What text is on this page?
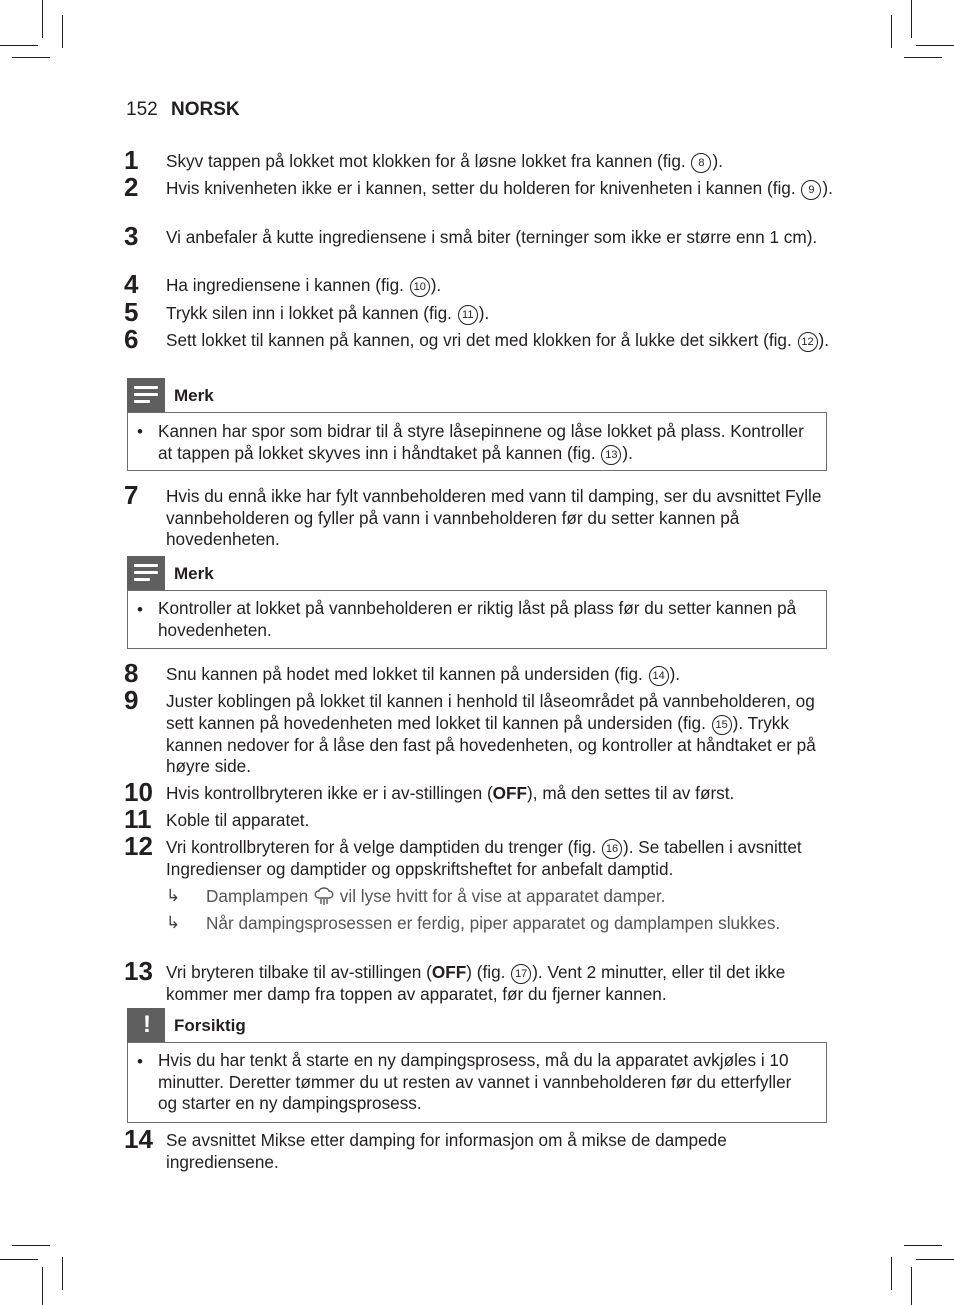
152 NORSK
1 Skyv tappen på lokket mot klokken for å løsne lokket fra kannen (fig. 8 ).
2 Hvis knivenheten ikke er i kannen, setter du holderen for knivenheten i kannen (fig. 9 ).
3 Vi anbefaler å kutte ingrediensene i små biter (terninger som ikke er større enn 1 cm).
4 Ha ingrediensene i kannen (fig. 10 ).
5 Trykk silen inn i lokket på kannen (fig. 11 ).
6 Sett lokket til kannen på kannen, og vri det med klokken for å lukke det sikkert (fig. 12 ).
Merk
• Kannen har spor som bidrar til å styre låsepinnene og låse lokket på plass. Kontroller at tappen på lokket skyves inn i håndtaket på kannen (fig. 13 ).
7 Hvis du ennå ikke har fylt vannbeholderen med vann til damping, ser du avsnittet Fylle vannbeholderen og fyller på vann i vannbeholderen før du setter kannen på hovedenheten.
Merk
• Kontroller at lokket på vannbeholderen er riktig låst på plass før du setter kannen på hovedenheten.
8 Snu kannen på hodet med lokket til kannen på undersiden (fig. 14 ).
9 Juster koblingen på lokket til kannen i henhold til låseområdet på vannbeholderen, og sett kannen på hovedenheten med lokket til kannen på undersiden (fig. 15 ). Trykk kannen nedover for å låse den fast på hovedenheten, og kontroller at håndtaket er på høyre side.
10 Hvis kontrollbryteren ikke er i av-stillingen (OFF), må den settes til av først.
11 Koble til apparatet.
12 Vri kontrollbryteren for å velge damptiden du trenger (fig. 16 ). Se tabellen i avsnittet Ingredienser og damptider og oppskriftsheftet for anbefalt damptid.
↳ Damplampen  vil lyse hvitt for å vise at apparatet damper.
↳ Når dampingsprosessen er ferdig, piper apparatet og damplampen slukkes.
13 Vri bryteren tilbake til av-stillingen (OFF) (fig. 17 ). Vent 2 minutter, eller til det ikke kommer mer damp fra toppen av apparatet, før du fjerner kannen.
! Forsiktig
• Hvis du har tenkt å starte en ny dampingsprosess, må du la apparatet avkjøles i 10 minutter. Deretter tømmer du ut resten av vannet i vannbeholderen før du etterfyller og starter en ny dampingsprosess.
14 Se avsnittet Mikse etter damping for informasjon om å mikse de dampede ingrediensene.
